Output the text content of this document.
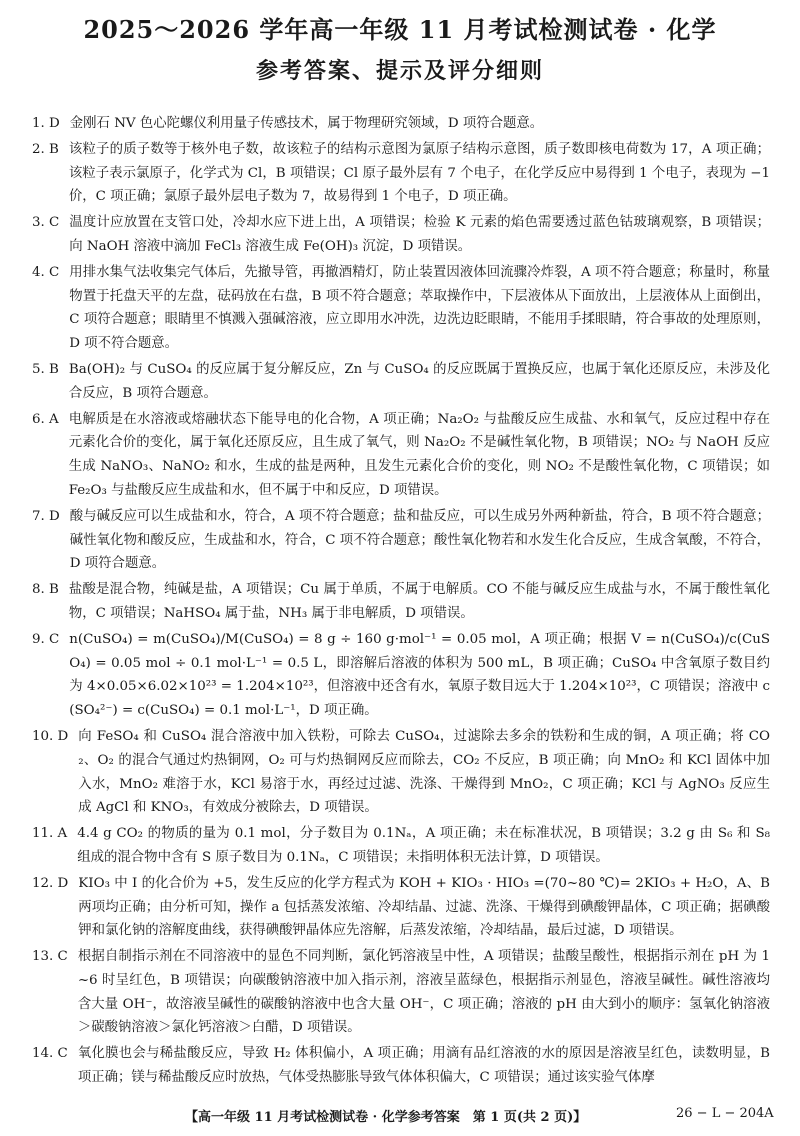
2025～2026 学年高一年级 11 月考试检测试卷 · 化学
参考答案、提示及评分细则
1. D 金刚石 NV 色心陀螺仪利用量子传感技术，属于物理研究领域，D 项符合题意。
2. B 该粒子的质子数等于核外电子数，故该粒子的结构示意图为氯原子结构示意图，质子数即核电荷数为 17，A 项正确；该粒子表示氯原子，化学式为 Cl，B 项错误；Cl 原子最外层有 7 个电子，在化学反应中易得到 1 个电子，表现为 −1 价，C 项正确；氯原子最外层电子数为 7，故易得到 1 个电子，D 项正确。
3. C 温度计应放置在支管口处，冷却水应下进上出，A 项错误；检验 K 元素的焰色需要透过蓝色钴玻璃观察，B 项错误；向 NaOH 溶液中滴加 FeCl₃ 溶液生成 Fe(OH)₃ 沉淀，D 项错误。
4. C 用排水集气法收集完气体后，先撤导管，再撤酒精灯，防止装置因液体回流骤冷炸裂，A 项不符合题意；称量时，称量物置于托盘天平的左盘，砝码放在右盘，B 项不符合题意；萃取操作中，下层液体从下面放出，上层液体从上面倒出，C 项符合题意；眼睛里不慎溅入强碱溶液，应立即用水冲洗，边洗边眨眼睛，不能用手揉眼睛，符合事故的处理原则，D 项不符合题意。
5. B Ba(OH)₂ 与 CuSO₄ 的反应属于复分解反应，Zn 与 CuSO₄ 的反应既属于置换反应，也属于氧化还原反应，未涉及化合反应，B 项符合题意。
6. A 电解质是在水溶液或熔融状态下能导电的化合物，A 项正确；Na₂O₂ 与盐酸反应生成盐、水和氧气，反应过程中存在元素化合价的变化，属于氧化还原反应，且生成了氧气，则 Na₂O₂ 不是碱性氧化物，B 项错误；NO₂ 与 NaOH 反应生成 NaNO₃、NaNO₂ 和水，生成的盐是两种，且发生元素化合价的变化，则 NO₂ 不是酸性氧化物，C 项错误；如 Fe₂O₃ 与盐酸反应生成盐和水，但不属于中和反应，D 项错误。
7. D 酸与碱反应可以生成盐和水，符合，A 项不符合题意；盐和盐反应，可以生成另外两种新盐，符合，B 项不符合题意；碱性氧化物和酸反应，生成盐和水，符合，C 项不符合题意；酸性氧化物若和水发生化合反应，生成含氧酸，不符合，D 项符合题意。
8. B 盐酸是混合物，纯碱是盐，A 项错误；Cu 属于单质，不属于电解质。CO 不能与碱反应生成盐与水，不属于酸性氧化物，C 项错误；NaHSO₄ 属于盐，NH₃ 属于非电解质，D 项错误。
9. C n(CuSO₄) = m(CuSO₄)/M(CuSO₄) = 8 g ÷ 160 g·mol⁻¹ = 0.05 mol，A 项正确；根据 V = n(CuSO₄)/c(CuSO₄) = 0.05 mol ÷ 0.1 mol·L⁻¹ = 0.5 L，即溶解后溶液的体积为 500 mL，B 项正确；CuSO₄ 中含氧原子数目约为 4×0.05×6.02×10²³ = 1.204×10²³，但溶液中还含有水，氧原子数目远大于 1.204×10²³，C 项错误；溶液中 c(SO₄²⁻) = c(CuSO₄) = 0.1 mol·L⁻¹，D 项正确。
10. D 向 FeSO₄ 和 CuSO₄ 混合溶液中加入铁粉，可除去 CuSO₄，过滤除去多余的铁粉和生成的铜，A 项正确；将 CO₂、O₂ 的混合气通过灼热铜网，O₂ 可与灼热铜网反应而除去，CO₂ 不反应，B 项正确；向 MnO₂ 和 KCl 固体中加入水，MnO₂ 难溶于水，KCl 易溶于水，再经过过滤、洗涤、干燥得到 MnO₂，C 项正确；KCl 与 AgNO₃ 反应生成 AgCl 和 KNO₃，有效成分被除去，D 项错误。
11. A 4.4 g CO₂ 的物质的量为 0.1 mol，分子数目为 0.1Nₐ，A 项正确；未在标准状况，B 项错误；3.2 g 由 S₆ 和 S₈ 组成的混合物中含有 S 原子数目为 0.1Nₐ，C 项错误；未指明体积无法计算，D 项错误。
12. D KIO₃ 中 I 的化合价为 +5，发生反应的化学方程式为 KOH + KIO₃ · HIO₃ =(70~80 ℃)= 2KIO₃ + H₂O，A、B 两项均正确；由分析可知，操作 a 包括蒸发浓缩、冷却结晶、过滤、洗涤、干燥得到碘酸钾晶体，C 项正确；据碘酸钾和氯化钠的溶解度曲线，获得碘酸钾晶体应先溶解，后蒸发浓缩，冷却结晶，最后过滤，D 项错误。
13. C 根据自制指示剂在不同溶液中的显色不同判断，氯化钙溶液呈中性，A 项错误；盐酸呈酸性，根据指示剂在 pH 为 1~6 时呈红色，B 项错误；向碳酸钠溶液中加入指示剂，溶液呈蓝绿色，根据指示剂显色，溶液呈碱性。碱性溶液均含大量 OH⁻，故溶液呈碱性的碳酸钠溶液中也含大量 OH⁻，C 项正确；溶液的 pH 由大到小的顺序：氢氧化钠溶液＞碳酸钠溶液＞氯化钙溶液＞白醋，D 项错误。
14. C 氧化膜也会与稀盐酸反应，导致 H₂ 体积偏小，A 项正确；用滴有品红溶液的水的原因是溶液呈红色，读数明显，B 项正确；镁与稀盐酸反应时放热，气体受热膨胀导致气体体积偏大，C 项错误；通过该实验气体摩
【高一年级 11 月考试检测试卷 · 化学参考答案　第 1 页(共 2 页)】	26 − L − 204A
